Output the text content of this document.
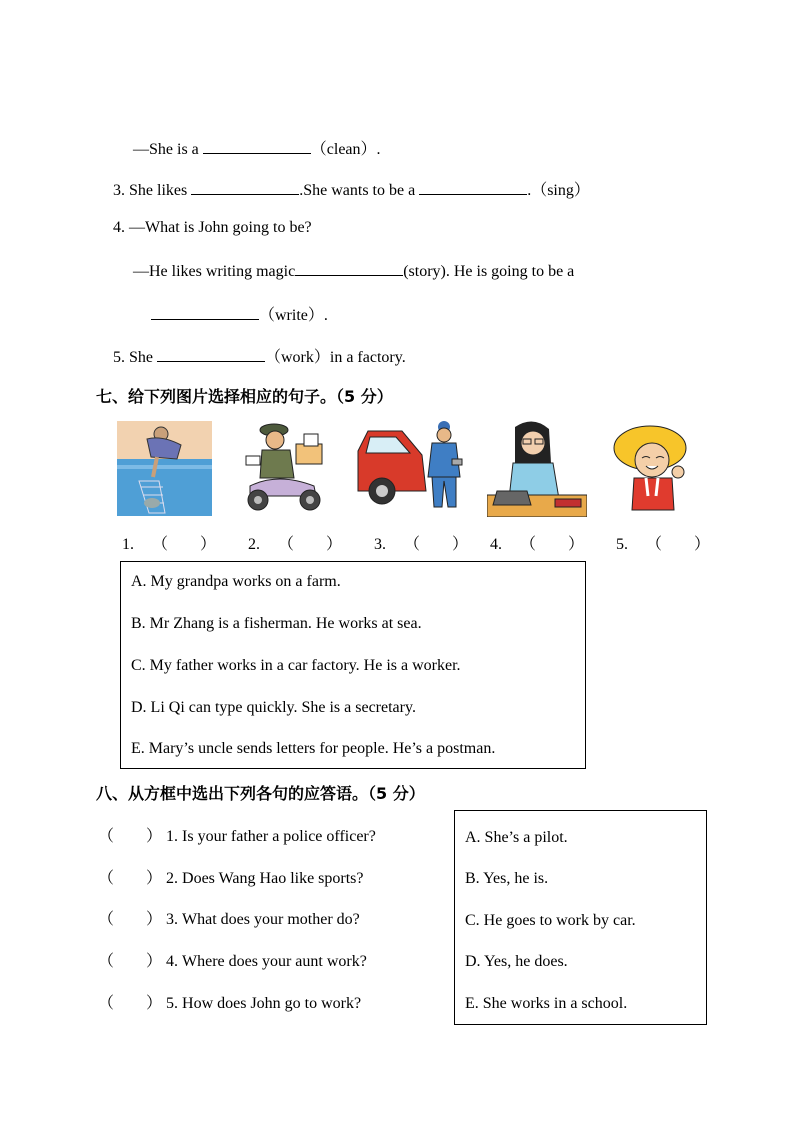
—She is a	（clean）.
3. She likes	.She wants to be a	.（sing）
4. —What is John going to be?
—He likes writing magic	(story). He is going to be a
（write）.
5. She	（work）in a factory.
七、给下列图片选择相应的句子。（5 分）
1. （　　） 2. （　　） 3. （　　） 4. （　　） 5. （　　）
A. My grandpa works on a farm.
B. Mr Zhang is a fisherman. He works at sea.
C. My father works in a car factory. He is a worker.
D. Li Qi can type quickly. She is a secretary.
E. Mary’s uncle sends letters for people. He’s a postman.
八、从方框中选出下列各句的应答语。（5 分）
（　　） 1. Is your father a police officer?
（　　） 2. Does Wang Hao like sports?
（　　） 3. What does your mother do?
（　　） 4. Where does your aunt work?
（　　） 5. How does John go to work?
A. She’s a pilot.
B. Yes, he is.
C. He goes to work by car.
D. Yes, he does.
E. She works in a school.
